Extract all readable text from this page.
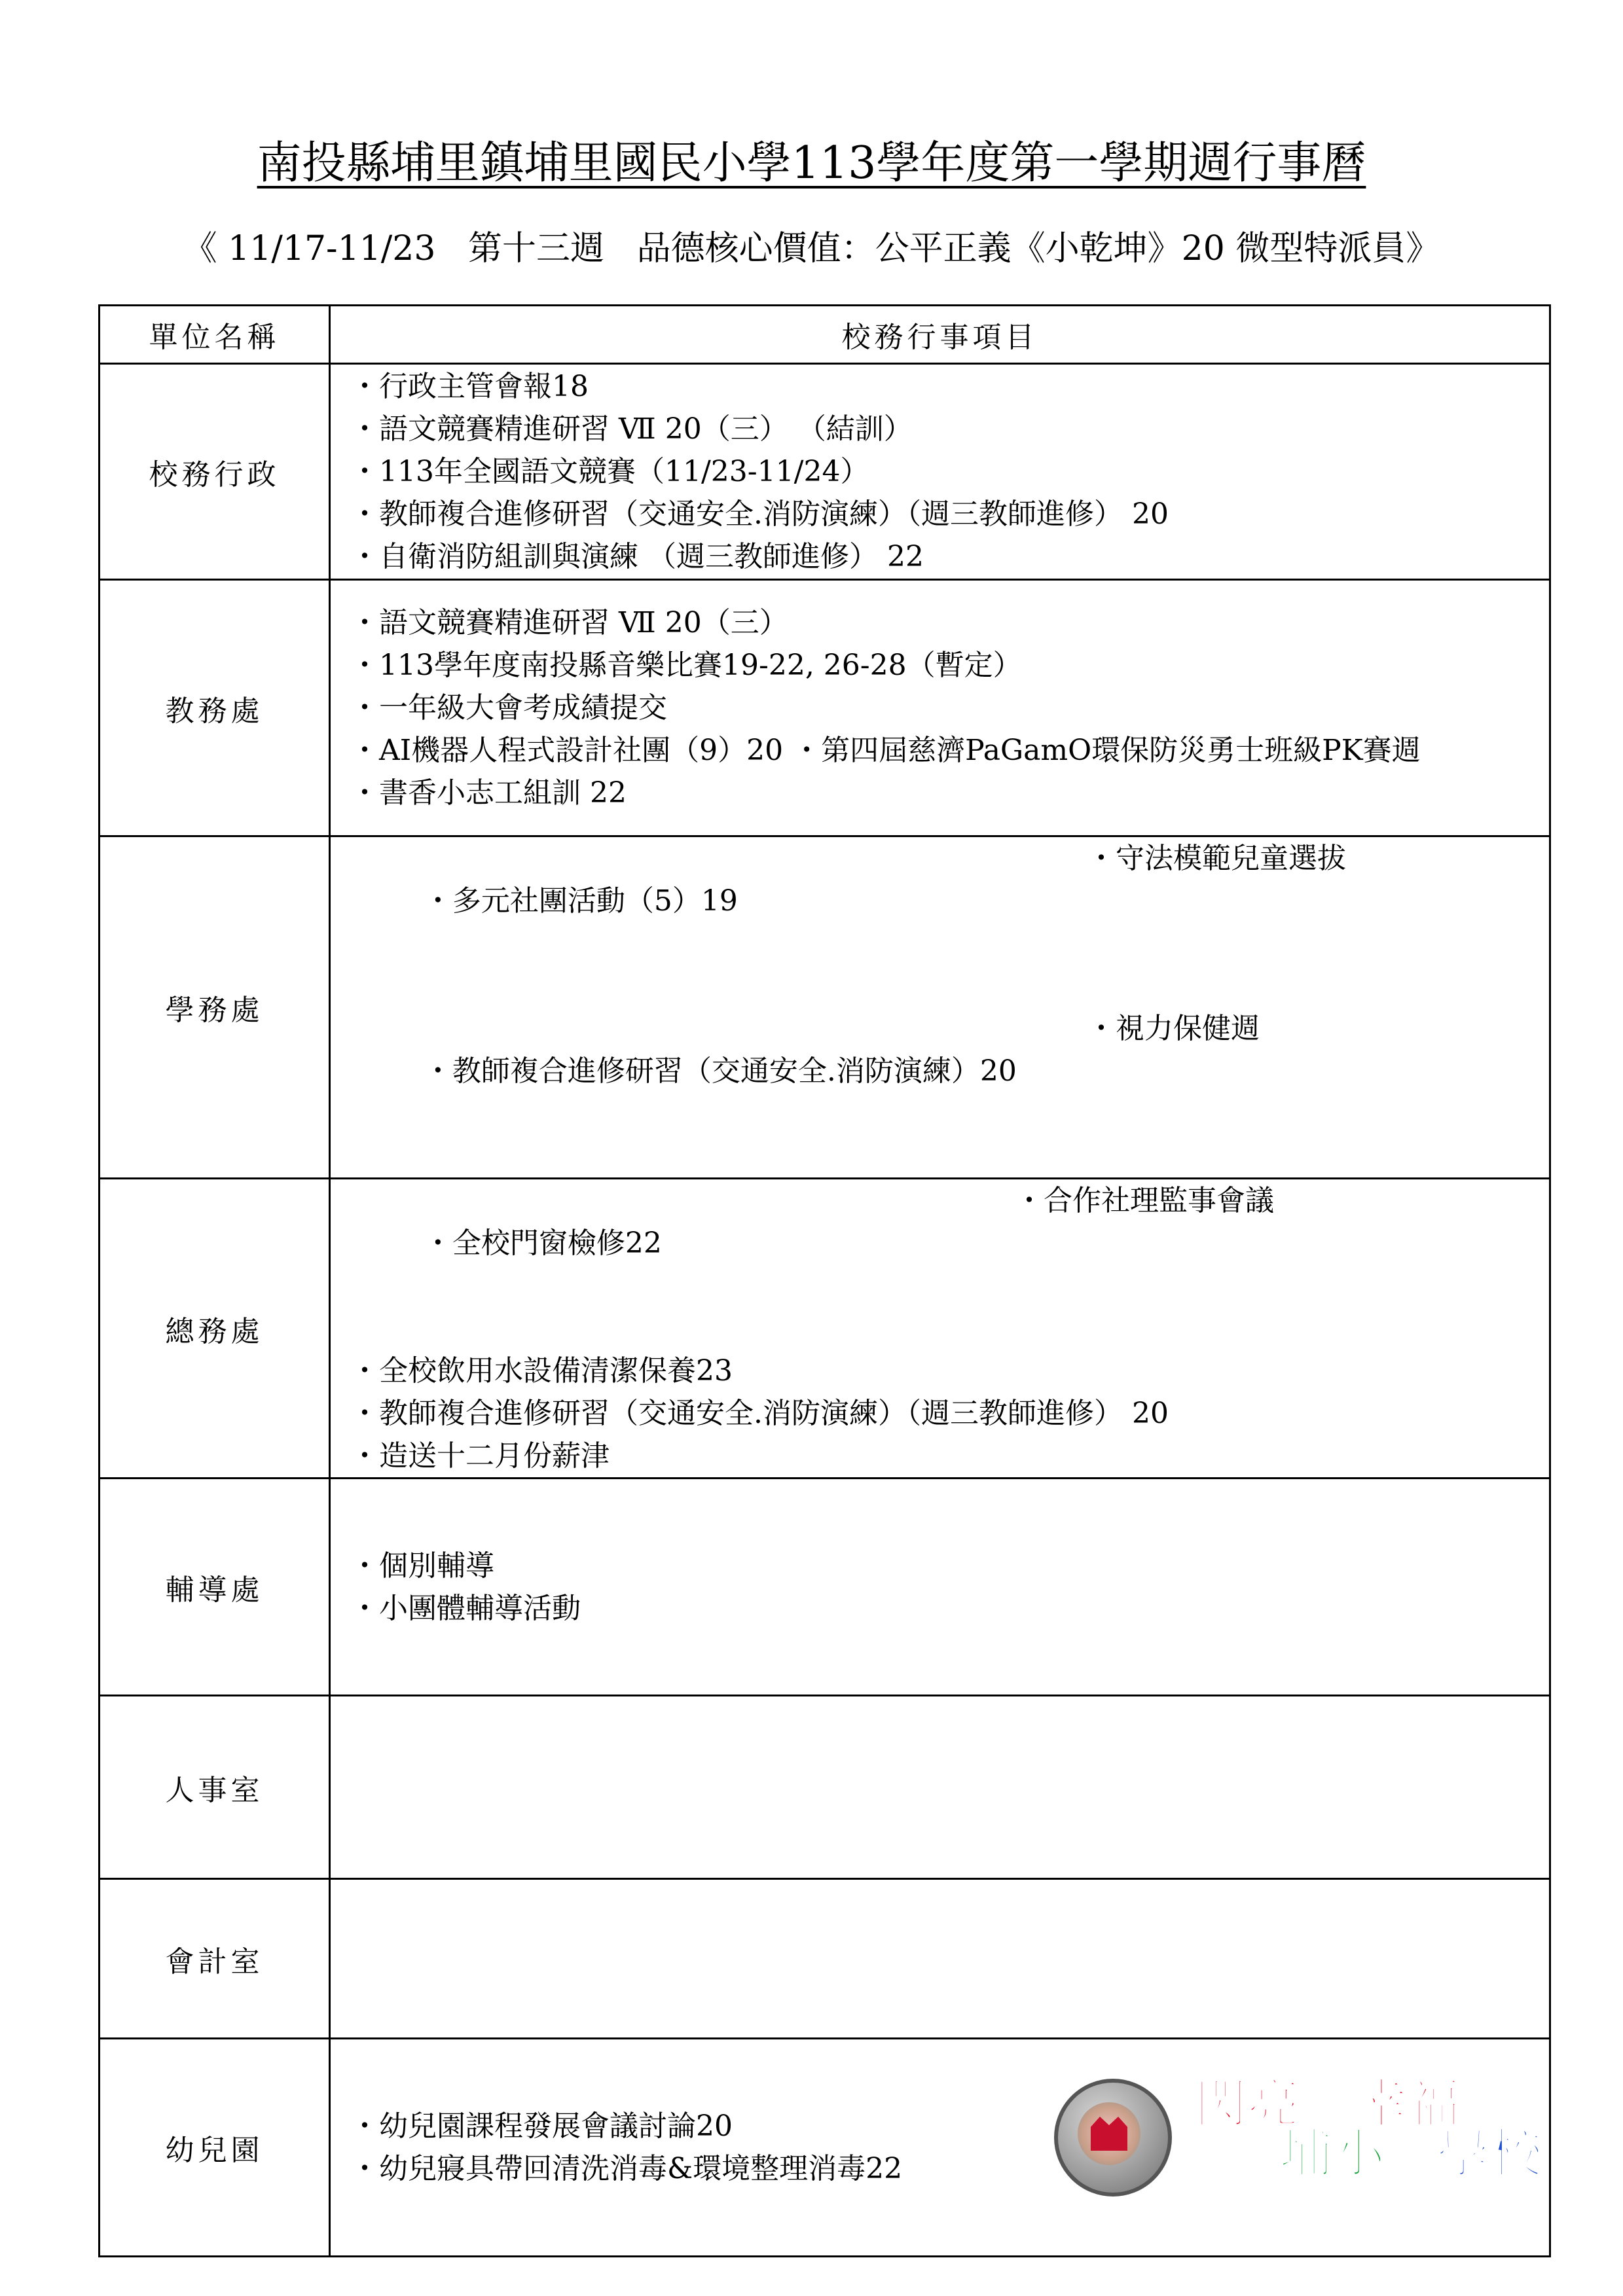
南投縣埔里鎮埔里國民小學113學年度第一學期週行事曆
《 11/17-11/23   第十三週   品德核心價值：公平正義《小乾坤》20 微型特派員》
單位名稱	校務行事項目
校務行政	・行政主管會報18
・語文競賽精進研習 Ⅶ 20（三） （結訓）
・113年全國語文競賽（11/23-11/24）
・教師複合進修研習（交通安全.消防演練）（週三教師進修） 20
・自衛消防組訓與演練 （週三教師進修） 22

教務處	・語文競賽精進研習 Ⅶ 20（三）
・113學年度南投縣音樂比賽19-22, 26-28（暫定）
・一年級大會考成績提交
・AI機器人程式設計社團（9）20 ・第四屆慈濟PaGamO環保防災勇士班級PK賽週
・書香小志工組訓 22

學務處	・多元社團活動（5）19

・守法模範兒童選拔

・教師複合進修研習（交通安全.消防演練）20

・視力保健週

總務處	・全校門窗檢修22

・合作社理監事會議

・全校飲用水設備清潔保養23
・教師複合進修研習（交通安全.消防演練）（週三教師進修） 20
・造送十二月份薪津

輔導處	・個別輔導
・小團體輔導活動

人事室	
會計室	
幼兒園	・幼兒園課程發展會議討論20
・幼兒寢具帶回清洗消毒&環境整理消毒22
閃亮 幸福
埔小 學校
